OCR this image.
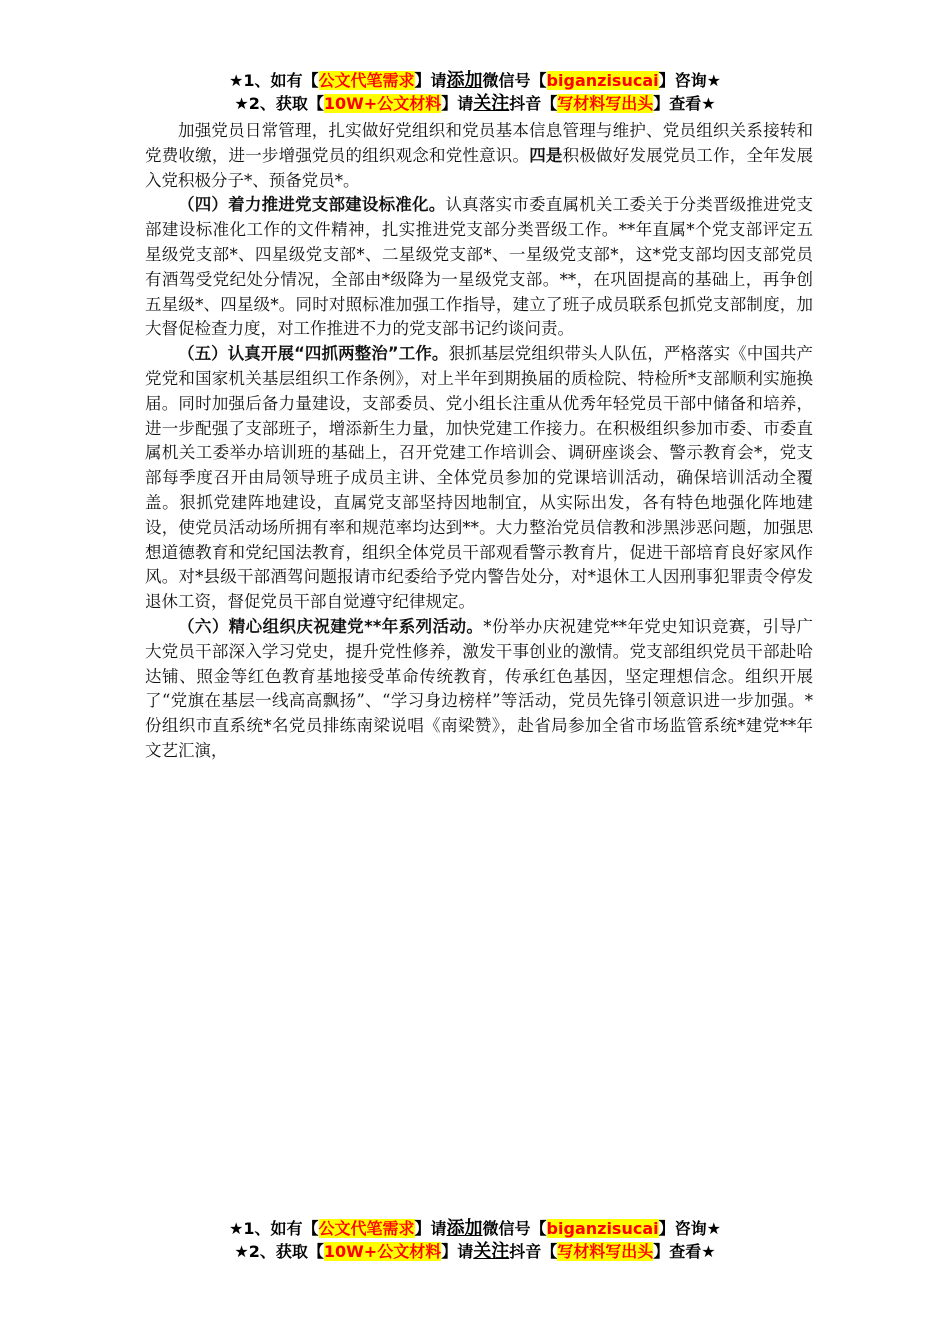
★1、如有【公文代笔需求】请添加微信号【biganzisucai】咨询★
★2、获取【10W+公文材料】请关注抖音【写材料写出头】查看★

加强党员日常管理，扎实做好党组织和党员基本信息管理与维护、党员组织关系接转和党费收缴，进一步增强党员的组织观念和党性意识。四是积极做好发展党员工作，全年发展入党积极分子*、预备党员*。

（四）着力推进党支部建设标准化。认真落实市委直属机关工委关于分类晋级推进党支部建设标准化工作的文件精神，扎实推进党支部分类晋级工作。**年直属*个党支部评定五星级党支部*、四星级党支部*、二星级党支部*、一星级党支部*，这*党支部均因支部党员有酒驾受党纪处分情况，全部由*级降为一星级党支部。**，在巩固提高的基础上，再争创五星级*、四星级*。同时对照标准加强工作指导，建立了班子成员联系包抓党支部制度，加大督促检查力度，对工作推进不力的党支部书记约谈问责。

（五）认真开展“四抓两整治”工作。狠抓基层党组织带头人队伍，严格落实《中国共产党党和国家机关基层组织工作条例》，对上半年到期换届的质检院、特检所*支部顺利实施换届。同时加强后备力量建设，支部委员、党小组长注重从优秀年轻党员干部中储备和培养，进一步配强了支部班子，增添新生力量，加快党建工作接力。在积极组织参加市委、市委直属机关工委举办培训班的基础上，召开党建工作培训会、调研座谈会、警示教育会*，党支部每季度召开由局领导班子成员主讲、全体党员参加的党课培训活动，确保培训活动全覆盖。狠抓党建阵地建设，直属党支部坚持因地制宜，从实际出发，各有特色地强化阵地建设，使党员活动场所拥有率和规范率均达到**。大力整治党员信教和涉黑涉恶问题，加强思想道德教育和党纪国法教育，组织全体党员干部观看警示教育片，促进干部培育良好家风作风。对*县级干部酒驾问题报请市纪委给予党内警告处分，对*退休工人因刑事犯罪责令停发退休工资，督促党员干部自觉遵守纪律规定。

（六）精心组织庆祝建党**年系列活动。*份举办庆祝建党**年党史知识竞赛，引导广大党员干部深入学习党史，提升党性修养，激发干事创业的激情。党支部组织党员干部赴哈达铺、照金等红色教育基地接受革命传统教育，传承红色基因，坚定理想信念。组织开展了“党旗在基层一线高高飘扬”、“学习身边榜样”等活动，党员先锋引领意识进一步加强。*份组织市直系统*名党员排练南梁说唱《南梁赞》，赴省局参加全省市场监管系统*建党**年文艺汇演，

★1、如有【公文代笔需求】请添加微信号【biganzisucai】咨询★
★2、获取【10W+公文材料】请关注抖音【写材料写出头】查看★
